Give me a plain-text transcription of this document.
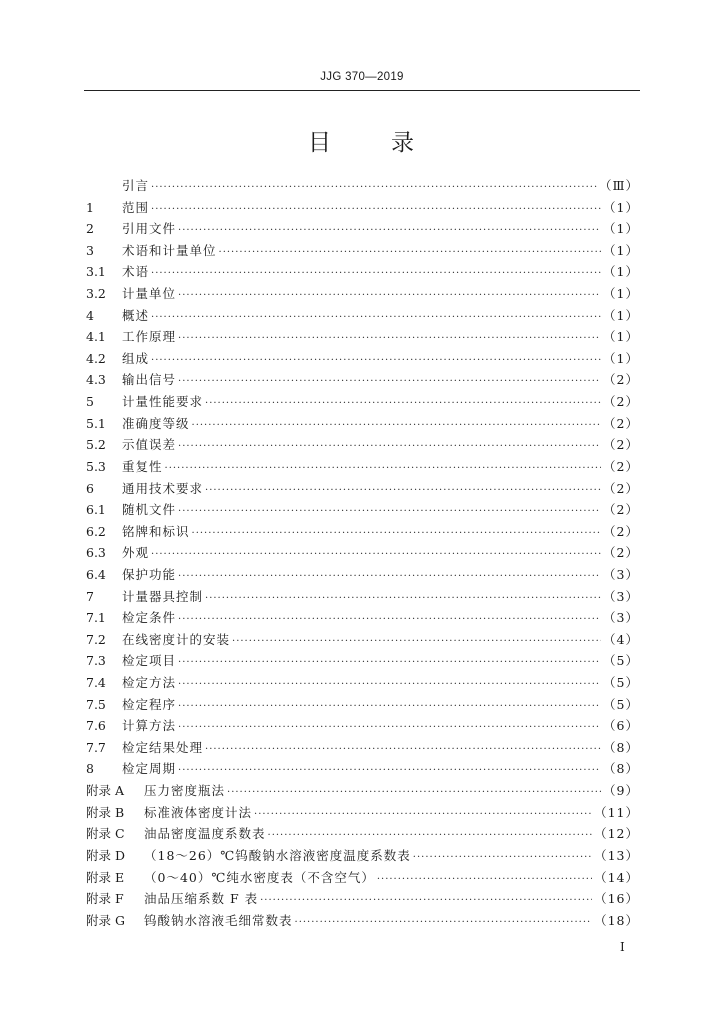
JJG 370—2019
目	录
引言 ·····	（Ⅲ）
1	范围 ·····	（1）
2	引用文件 ·····	（1）
3	术语和计量单位 ·····	（1）
3.1	术语 ·····	（1）
3.2	计量单位 ·····	（1）
4	概述 ·····	（1）
4.1	工作原理 ·····	（1）
4.2	组成 ·····	（1）
4.3	输出信号 ·····	（2）
5	计量性能要求 ·····	（2）
5.1	准确度等级 ·····	（2）
5.2	示值误差 ·····	（2）
5.3	重复性 ·····	（2）
6	通用技术要求 ·····	（2）
6.1	随机文件 ·····	（2）
6.2	铭牌和标识 ·····	（2）
6.3	外观 ·····	（2）
6.4	保护功能 ·····	（3）
7	计量器具控制 ·····	（3）
7.1	检定条件 ·····	（3）
7.2	在线密度计的安装 ·····	（4）
7.3	检定项目 ·····	（5）
7.4	检定方法 ·····	（5）
7.5	检定程序 ·····	（5）
7.6	计算方法 ·····	（6）
7.7	检定结果处理 ·····	（8）
8	检定周期 ·····	（8）
附录 A	压力密度瓶法 ·····	（9）
附录 B	标准液体密度计法 ·····	（11）
附录 C	油品密度温度系数表 ·····	（12）
附录 D	（18～26）℃钨酸钠水溶液密度温度系数表 ·····	（13）
附录 E	（0～40）℃纯水密度表（不含空气） ·····	（14）
附录 F	油品压缩系数 F 表 ·····	（16）
附录 G	钨酸钠水溶液毛细常数表 ·····	（18）
Ⅰ
